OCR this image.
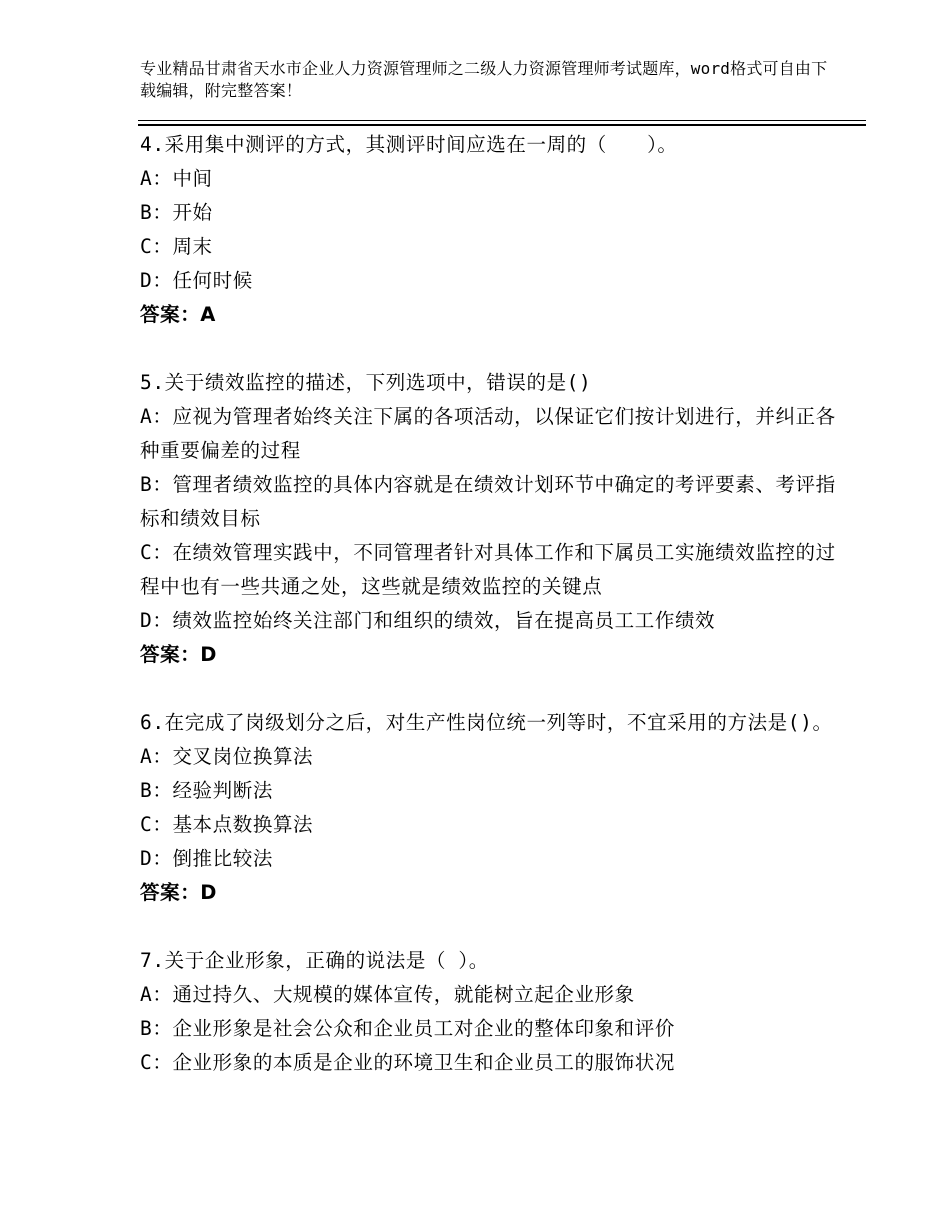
专业精品甘肃省天水市企业人力资源管理师之二级人力资源管理师考试题库，word格式可自由下载编辑，附完整答案！

4.采用集中测评的方式，其测评时间应选在一周的（　　）。

A：中间

B：开始

C：周末

D：任何时候

答案：A

5.关于绩效监控的描述，下列选项中，错误的是()

A：应视为管理者始终关注下属的各项活动，以保证它们按计划进行，并纠正各种重要偏差的过程

B：管理者绩效监控的具体内容就是在绩效计划环节中确定的考评要素、考评指标和绩效目标

C：在绩效管理实践中，不同管理者针对具体工作和下属员工实施绩效监控的过程中也有一些共通之处，这些就是绩效监控的关键点

D：绩效监控始终关注部门和组织的绩效，旨在提高员工工作绩效

答案：D

6.在完成了岗级划分之后，对生产性岗位统一列等时，不宜采用的方法是()。

A：交叉岗位换算法

B：经验判断法

C：基本点数换算法

D：倒推比较法

答案：D

7.关于企业形象，正确的说法是（ ）。

A：通过持久、大规模的媒体宣传，就能树立起企业形象

B：企业形象是社会公众和企业员工对企业的整体印象和评价

C：企业形象的本质是企业的环境卫生和企业员工的服饰状况
